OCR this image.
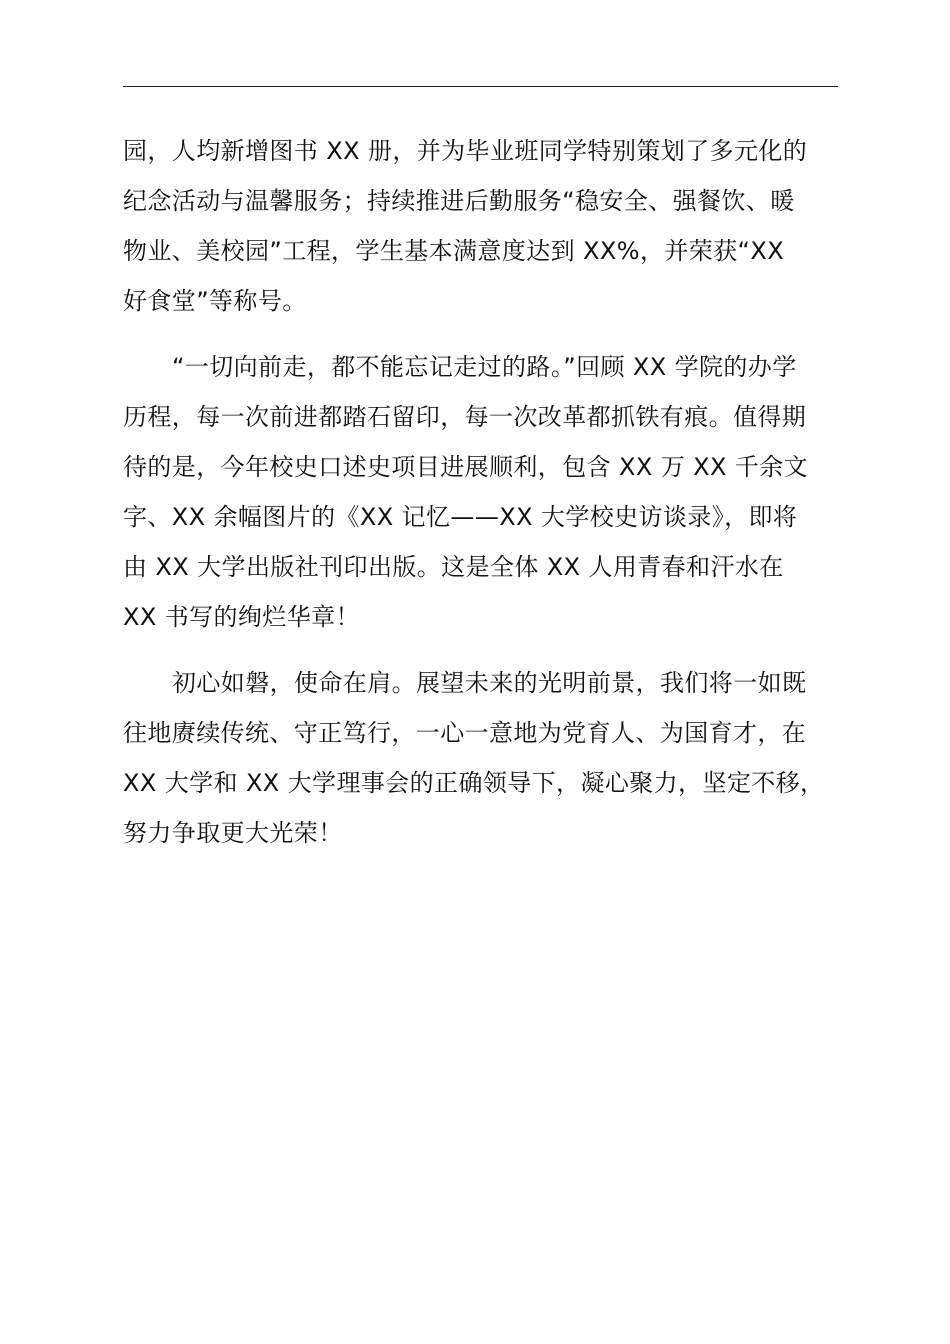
园，人均新增图书 XX 册，并为毕业班同学特别策划了多元化的
纪念活动与温馨服务；持续推进后勤服务“稳安全、强餐饮、暖
物业、美校园”工程，学生基本满意度达到 XX%，并荣获“XX
好食堂”等称号。
“一切向前走，都不能忘记走过的路。”回顾 XX 学院的办学
历程，每一次前进都踏石留印，每一次改革都抓铁有痕。值得期
待的是，今年校史口述史项目进展顺利，包含 XX 万 XX 千余文
字、XX 余幅图片的《XX 记忆——XX 大学校史访谈录》，即将
由 XX 大学出版社刊印出版。这是全体 XX 人用青春和汗水在
XX 书写的绚烂华章！
初心如磐，使命在肩。展望未来的光明前景，我们将一如既
往地赓续传统、守正笃行，一心一意地为党育人、为国育才，在
XX 大学和 XX 大学理事会的正确领导下，凝心聚力，坚定不移，
努力争取更大光荣！
